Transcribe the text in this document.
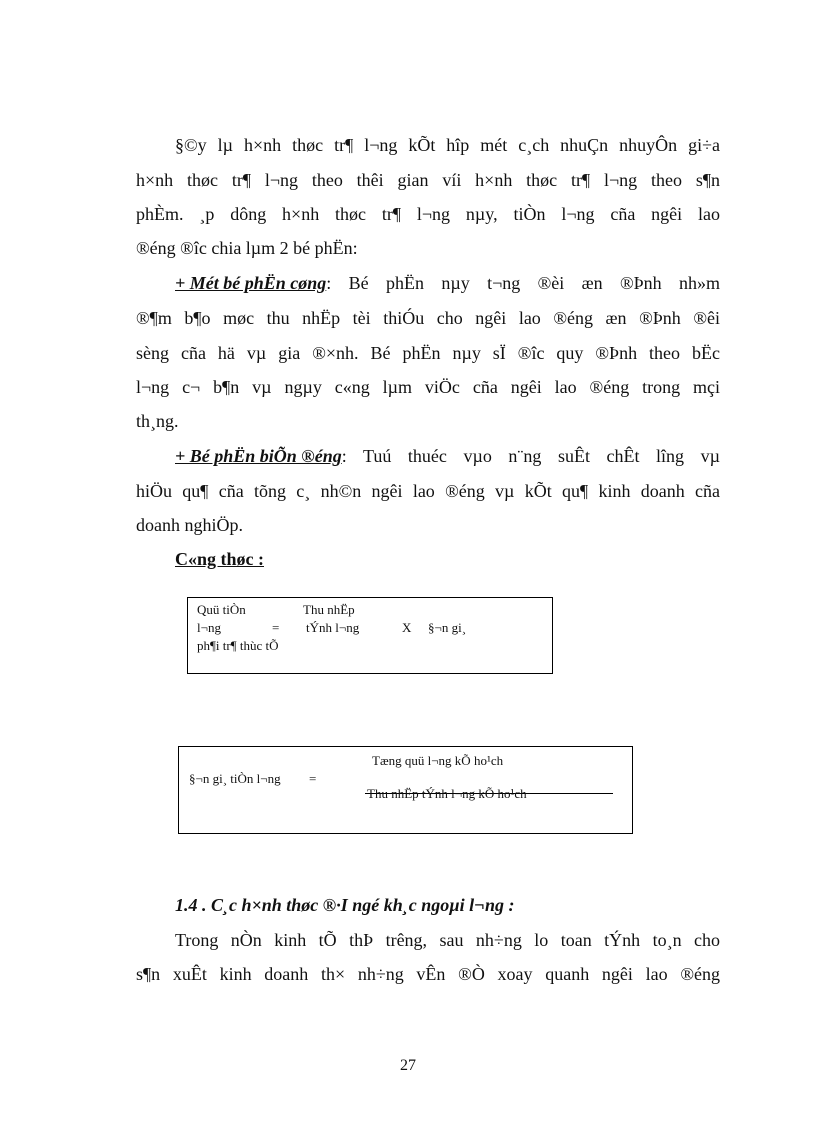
§©y lµ h×nh thøc tr¶ l¬ng kÕt hîp mét c¸ch nhuÇn nhuyÔn gi÷a
h×nh thøc tr¶ l¬ng theo thêi gian víi h×nh thøc tr¶ l¬ng theo s¶n
phÈm. ¸p dông h×nh thøc tr¶ l¬ng nµy, tiÒn l¬ng cña ngêi lao
®éng ®îc chia lµm 2 bé phËn:
+ Mét bé phËn cøng : Bé phËn nµy t¬ng ®èi æn ®Þnh nh»m
®¶m b¶o møc thu nhËp tèi thiÓu cho ngêi lao ®éng æn ®Þnh ®êi
sèng cña hä vµ gia ®×nh. Bé phËn nµy sÏ ®îc quy ®Þnh theo bËc
l¬ng c¬ b¶n vµ ngµy c«ng lµm viÖc cña ngêi lao ®éng trong mçi
th¸ng.
+ Bé phËn biÕn ®éng : Tuú thuéc vµo n¨ng suÊt chÊt lîng vµ
hiÖu qu¶ cña tõng c¸ nh©n ngêi lao ®éng vµ kÕt qu¶ kinh doanh cña
doanh nghiÖp.
C«ng thøc :
Quü tiÒn
l¬ng
ph¶i tr¶ thùc tÕ
=
Thu nhËp
tÝnh l¬ng	X §¬n gi¸
Tæng quü l¬ng kÕ ho¹ch
§¬n gi¸ tiÒn l¬ng =
Thu nhËp tÝnh l¬ng kÕ ho¹ch
1.4 . C¸c h×nh thøc ®·I ngé kh¸c ngoµi l¬ng :
Trong nÒn kinh tÕ thÞ trêng, sau nh÷ng lo toan tÝnh to¸n cho
s¶n xuÊt kinh doanh th× nh÷ng vÊn ®Ò xoay quanh ngêi lao ®éng
27
